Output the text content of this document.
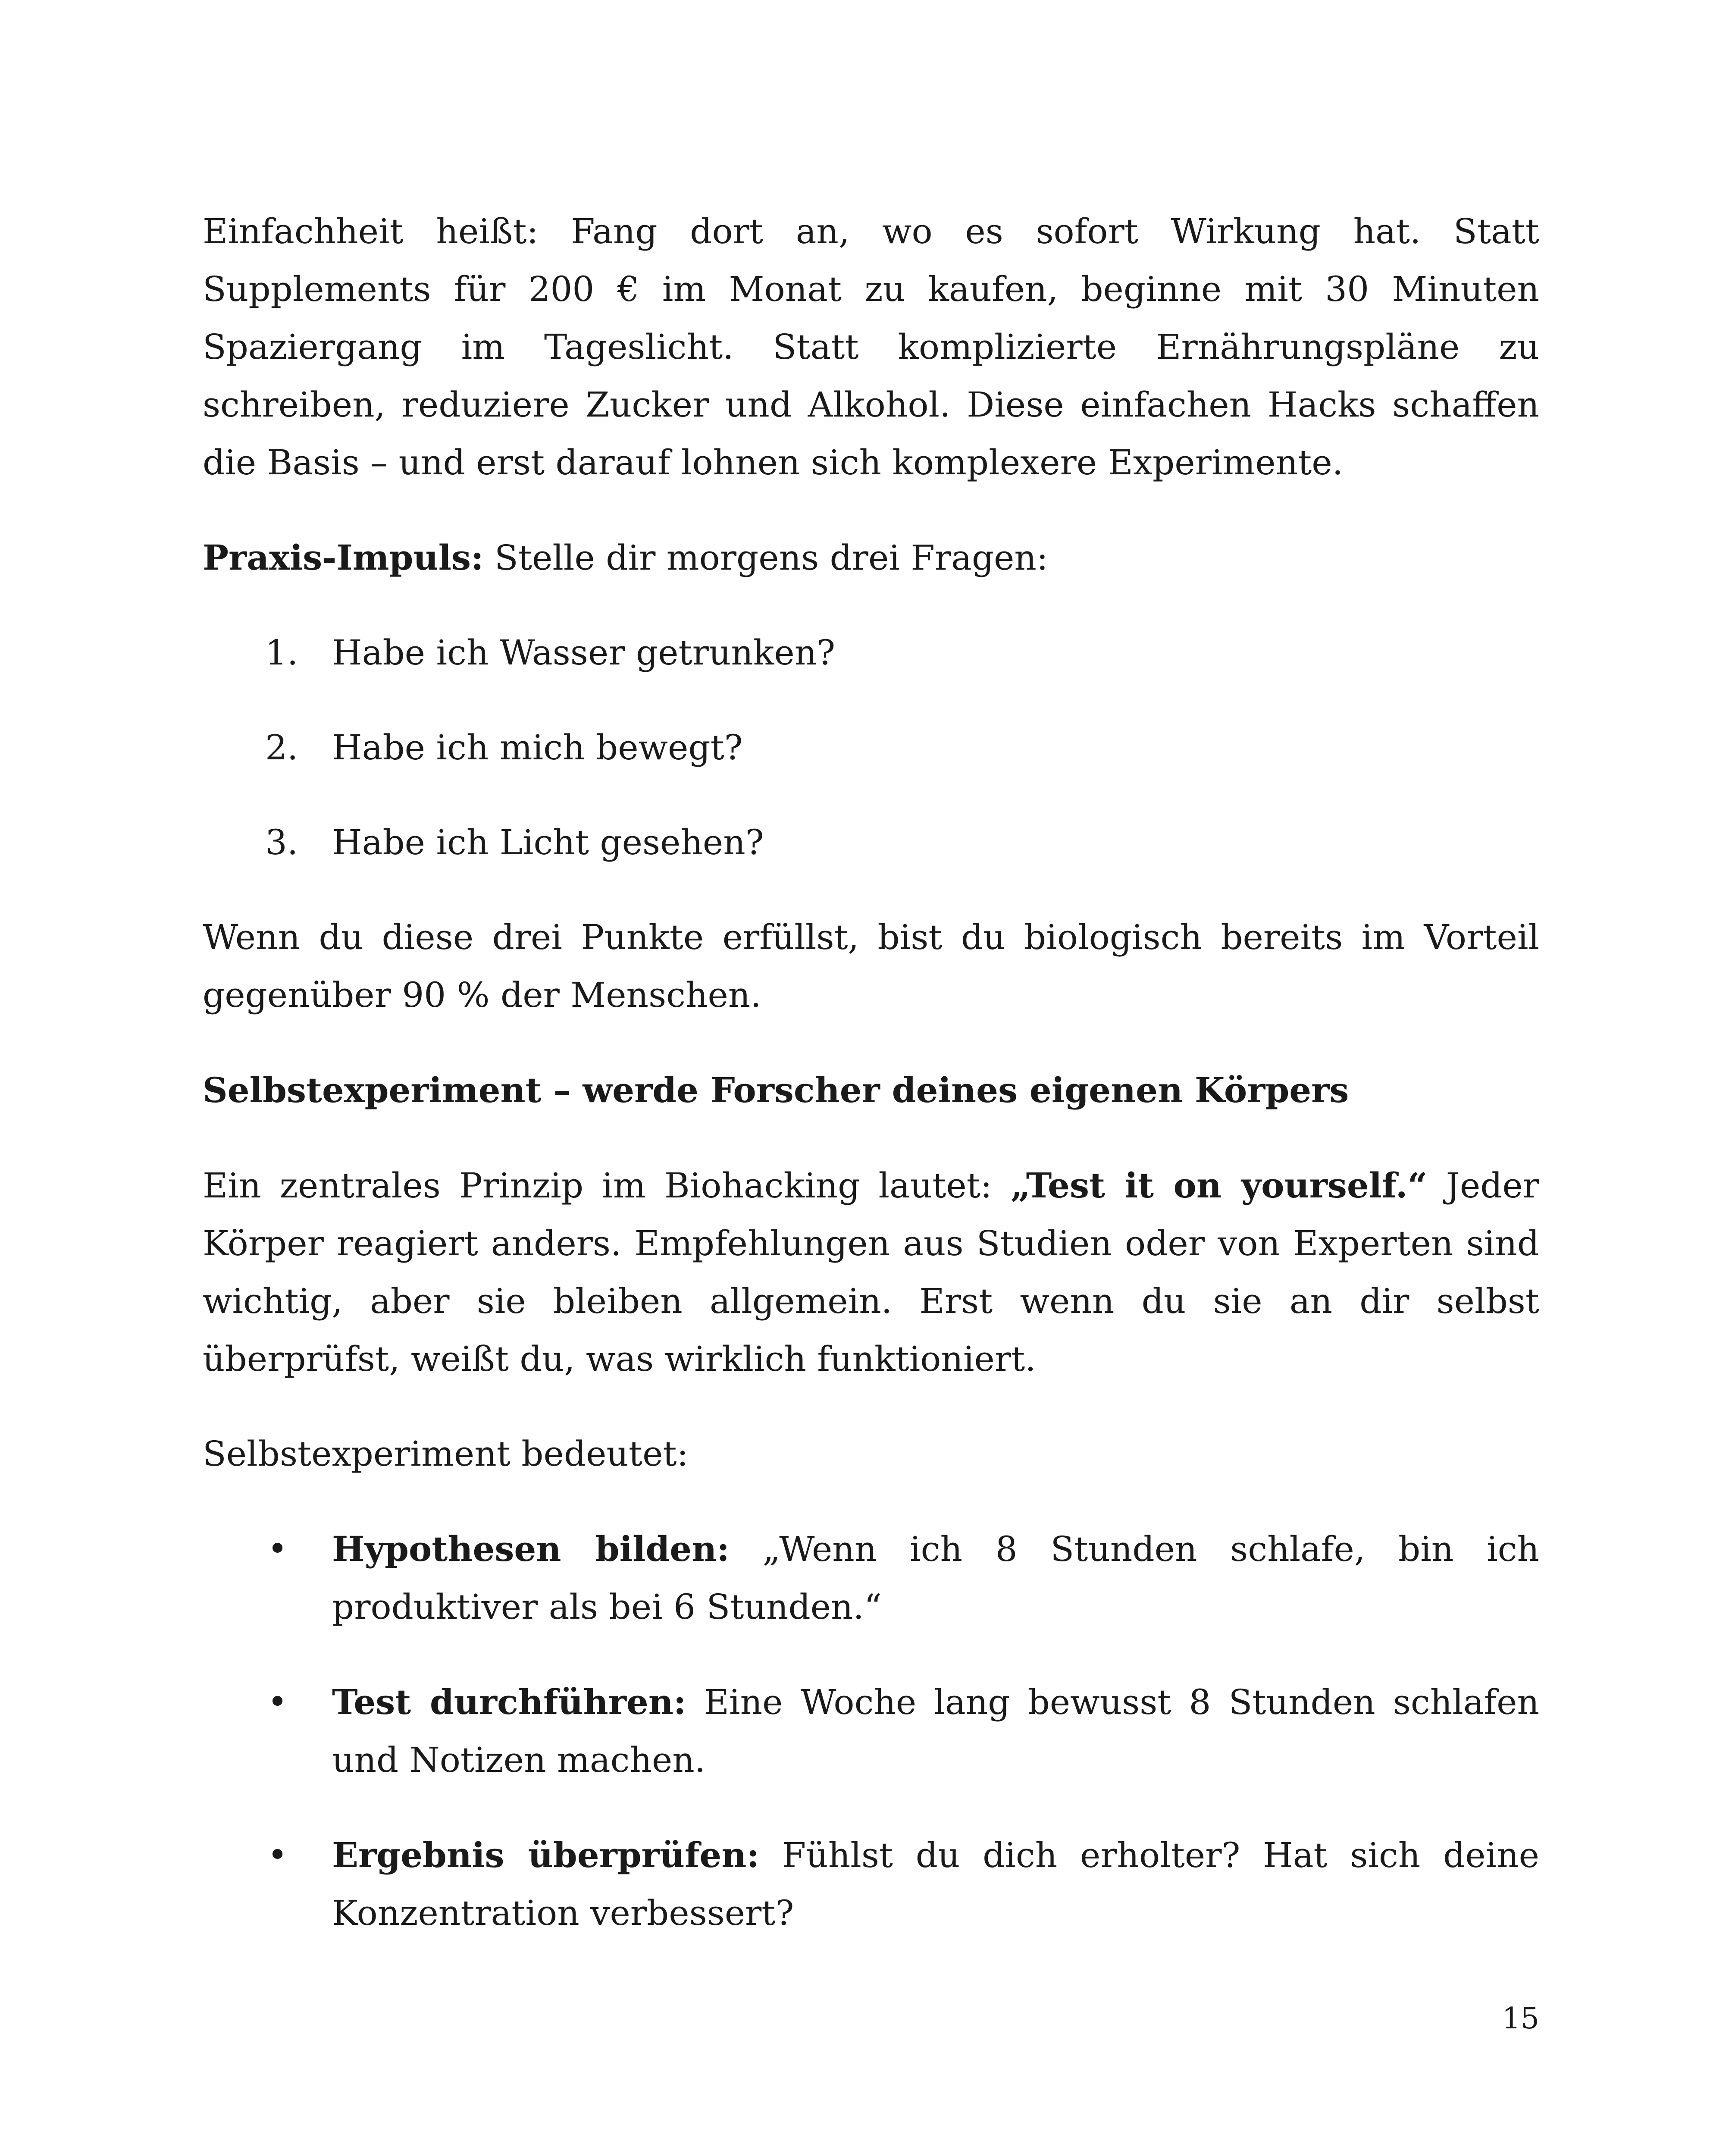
Einfachheit heißt: Fang dort an, wo es sofort Wirkung hat. Statt Supplements für 200 € im Monat zu kaufen, beginne mit 30 Minuten Spaziergang im Tageslicht. Statt komplizierte Ernährungspläne zu schreiben, reduziere Zucker und Alkohol. Diese einfachen Hacks schaffen die Basis – und erst darauf lohnen sich komplexere Experimente.

Praxis-Impuls: Stelle dir morgens drei Fragen:

1. Habe ich Wasser getrunken?
2. Habe ich mich bewegt?
3. Habe ich Licht gesehen?

Wenn du diese drei Punkte erfüllst, bist du biologisch bereits im Vorteil gegenüber 90 % der Menschen.

Selbstexperiment – werde Forscher deines eigenen Körpers

Ein zentrales Prinzip im Biohacking lautet: „Test it on yourself.“ Jeder Körper reagiert anders. Empfehlungen aus Studien oder von Experten sind wichtig, aber sie bleiben allgemein. Erst wenn du sie an dir selbst überprüfst, weißt du, was wirklich funktioniert.

Selbstexperiment bedeutet:

• Hypothesen bilden: „Wenn ich 8 Stunden schlafe, bin ich produktiver als bei 6 Stunden.“
• Test durchführen: Eine Woche lang bewusst 8 Stunden schlafen und Notizen machen.
• Ergebnis überprüfen: Fühlst du dich erholter? Hat sich deine Konzentration verbessert?
15
